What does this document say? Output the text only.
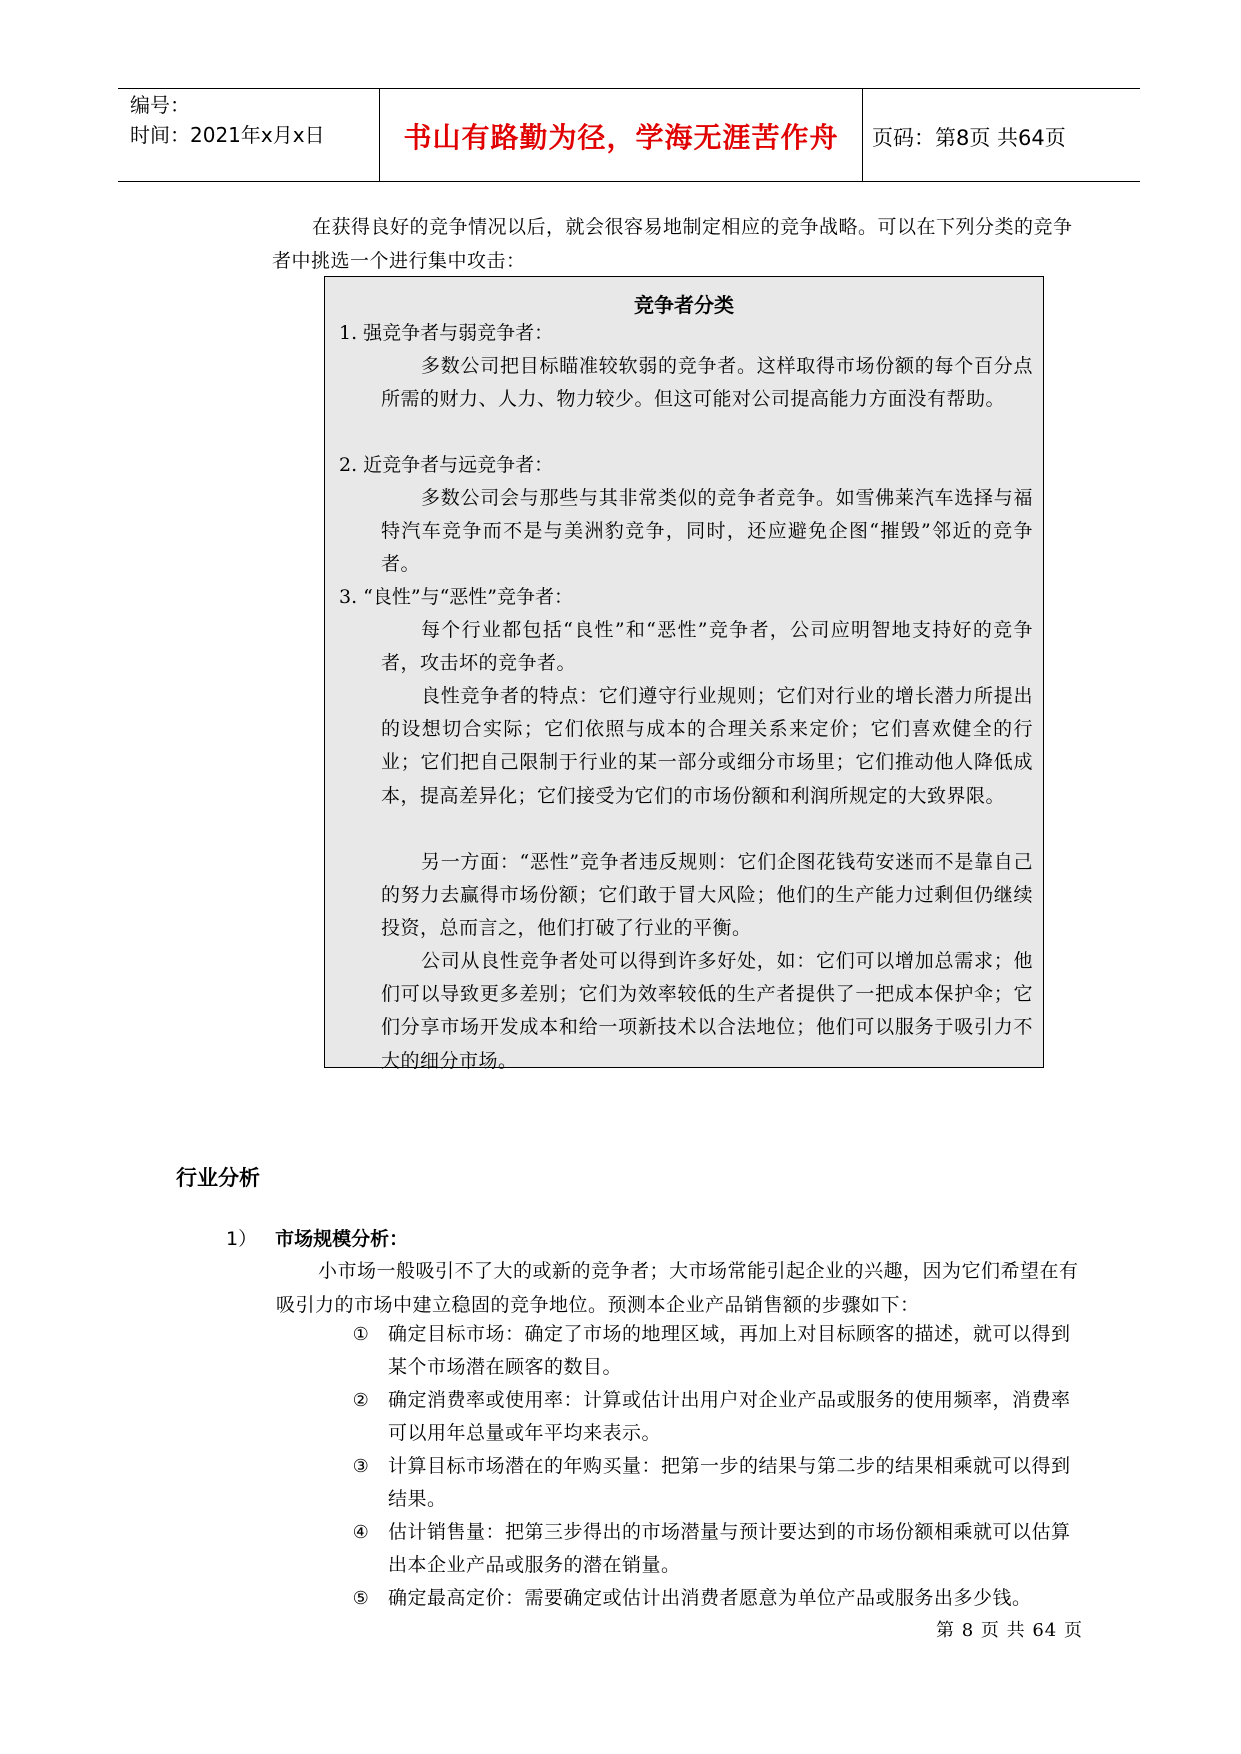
编号：
时间：2021年x月x日	书山有路勤为径，学海无涯苦作舟	页码：第8页 共64页
在获得良好的竞争情况以后，就会很容易地制定相应的竞争战略。可以在下列分类的竞争者中挑选一个进行集中攻击：
竞争者分类
1. 强竞争者与弱竞争者：
多数公司把目标瞄准较软弱的竞争者。这样取得市场份额的每个百分点所需的财力、人力、物力较少。但这可能对公司提高能力方面没有帮助。
2. 近竞争者与远竞争者：
多数公司会与那些与其非常类似的竞争者竞争。如雪佛莱汽车选择与福特汽车竞争而不是与美洲豹竞争，同时，还应避免企图“摧毁”邻近的竞争者。
3. “良性”与“恶性”竞争者：
每个行业都包括“良性”和“恶性”竞争者，公司应明智地支持好的竞争者，攻击坏的竞争者。
良性竞争者的特点：它们遵守行业规则；它们对行业的增长潜力所提出的设想切合实际；它们依照与成本的合理关系来定价；它们喜欢健全的行业；它们把自己限制于行业的某一部分或细分市场里；它们推动他人降低成本，提高差异化；它们接受为它们的市场份额和利润所规定的大致界限。
另一方面：“恶性”竞争者违反规则：它们企图花钱苟安迷而不是靠自己的努力去赢得市场份额；它们敢于冒大风险；他们的生产能力过剩但仍继续投资，总而言之，他们打破了行业的平衡。
公司从良性竞争者处可以得到许多好处，如：它们可以增加总需求；他们可以导致更多差别；它们为效率较低的生产者提供了一把成本保护伞；它们分享市场开发成本和给一项新技术以合法地位；他们可以服务于吸引力不大的细分市场。
行业分析
1） 市场规模分析：
小市场一般吸引不了大的或新的竞争者；大市场常能引起企业的兴趣，因为它们希望在有吸引力的市场中建立稳固的竞争地位。预测本企业产品销售额的步骤如下：
① 确定目标市场：确定了市场的地理区域，再加上对目标顾客的描述，就可以得到某个市场潜在顾客的数目。
② 确定消费率或使用率：计算或估计出用户对企业产品或服务的使用频率，消费率可以用年总量或年平均来表示。
③ 计算目标市场潜在的年购买量：把第一步的结果与第二步的结果相乘就可以得到结果。
④ 估计销售量：把第三步得出的市场潜量与预计要达到的市场份额相乘就可以估算出本企业产品或服务的潜在销量。
⑤ 确定最高定价：需要确定或估计出消费者愿意为单位产品或服务出多少钱。
第 8 页 共 64 页
